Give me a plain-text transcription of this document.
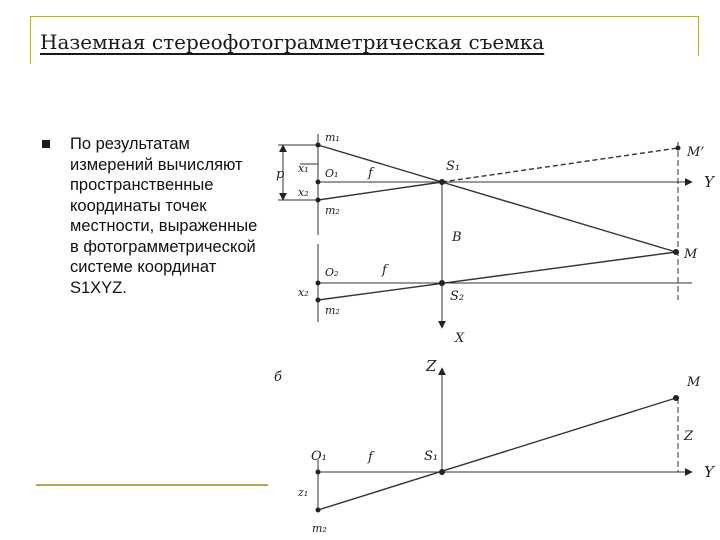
Наземная стереофотограмметрическая съемка

По результатам измерений вычисляют пространственные координаты точек местности, выраженные в фотограмметрической системе координат S1XYZ.

m₁
x₁
p	O₁ f	S₁
x₂
m₂
M’
Y
B
M
O₂	f
x₂	S₂
m₂
X
б
Z
M
Z
O₁	f	S₁
Y
z₁
m₂
